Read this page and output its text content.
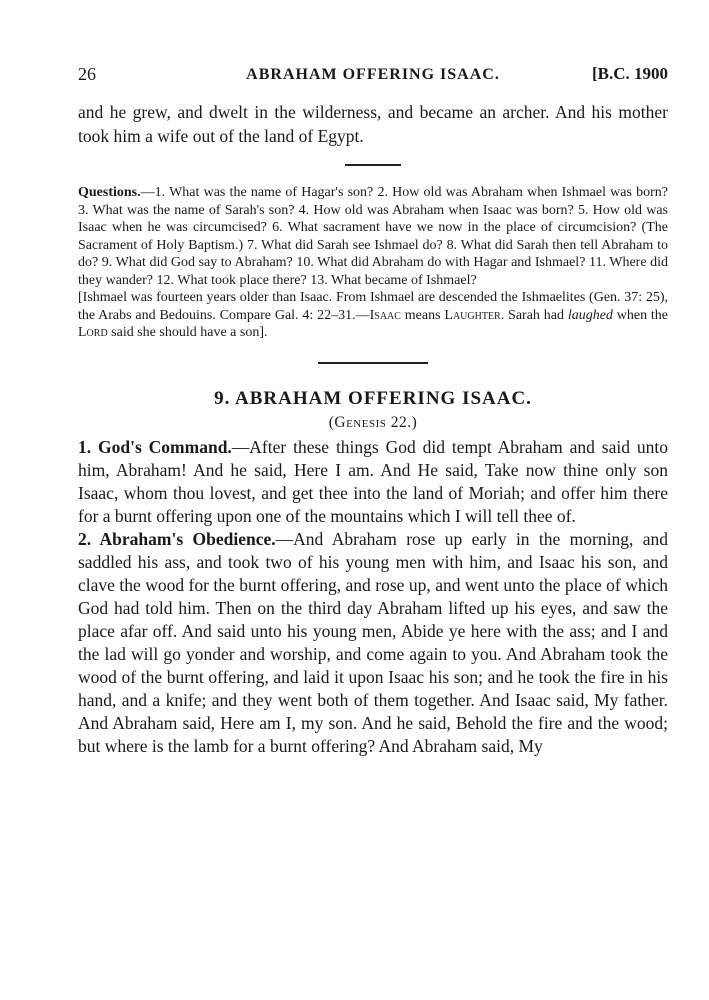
26	ABRAHAM OFFERING ISAAC.	[B.C. 1900
and he grew, and dwelt in the wilderness, and became an archer. And his mother took him a wife out of the land of Egypt.

Questions.—1. What was the name of Hagar's son? 2. How old was Abraham when Ishmael was born? 3. What was the name of Sarah's son? 4. How old was Abraham when Isaac was born? 5. How old was Isaac when he was circumcised? 6. What sacrament have we now in the place of circumcision? (The Sacrament of Holy Baptism.) 7. What did Sarah see Ishmael do? 8. What did Sarah then tell Abraham to do? 9. What did God say to Abraham? 10. What did Abraham do with Hagar and Ishmael? 11. Where did they wander? 12. What took place there? 13. What became of Ishmael?

[Ishmael was fourteen years older than Isaac. From Ishmael are descended the Ishmaelites (Gen. 37: 25), the Arabs and Bedouins. Compare Gal. 4: 22–31.—Isaac means Laughter. Sarah had laughed when the Lord said she should have a son].

9. ABRAHAM OFFERING ISAAC.
(Genesis 22.)

1. God's Command.—After these things God did tempt Abraham and said unto him, Abraham! And he said, Here I am. And He said, Take now thine only son Isaac, whom thou lovest, and get thee into the land of Moriah; and offer him there for a burnt offering upon one of the mountains which I will tell thee of.

2. Abraham's Obedience.—And Abraham rose up early in the morning, and saddled his ass, and took two of his young men with him, and Isaac his son, and clave the wood for the burnt offering, and rose up, and went unto the place of which God had told him. Then on the third day Abraham lifted up his eyes, and saw the place afar off. And said unto his young men, Abide ye here with the ass; and I and the lad will go yonder and worship, and come again to you. And Abraham took the wood of the burnt offering, and laid it upon Isaac his son; and he took the fire in his hand, and a knife; and they went both of them together. And Isaac said, My father. And Abraham said, Here am I, my son. And he said, Behold the fire and the wood; but where is the lamb for a burnt offering? And Abraham said, My
